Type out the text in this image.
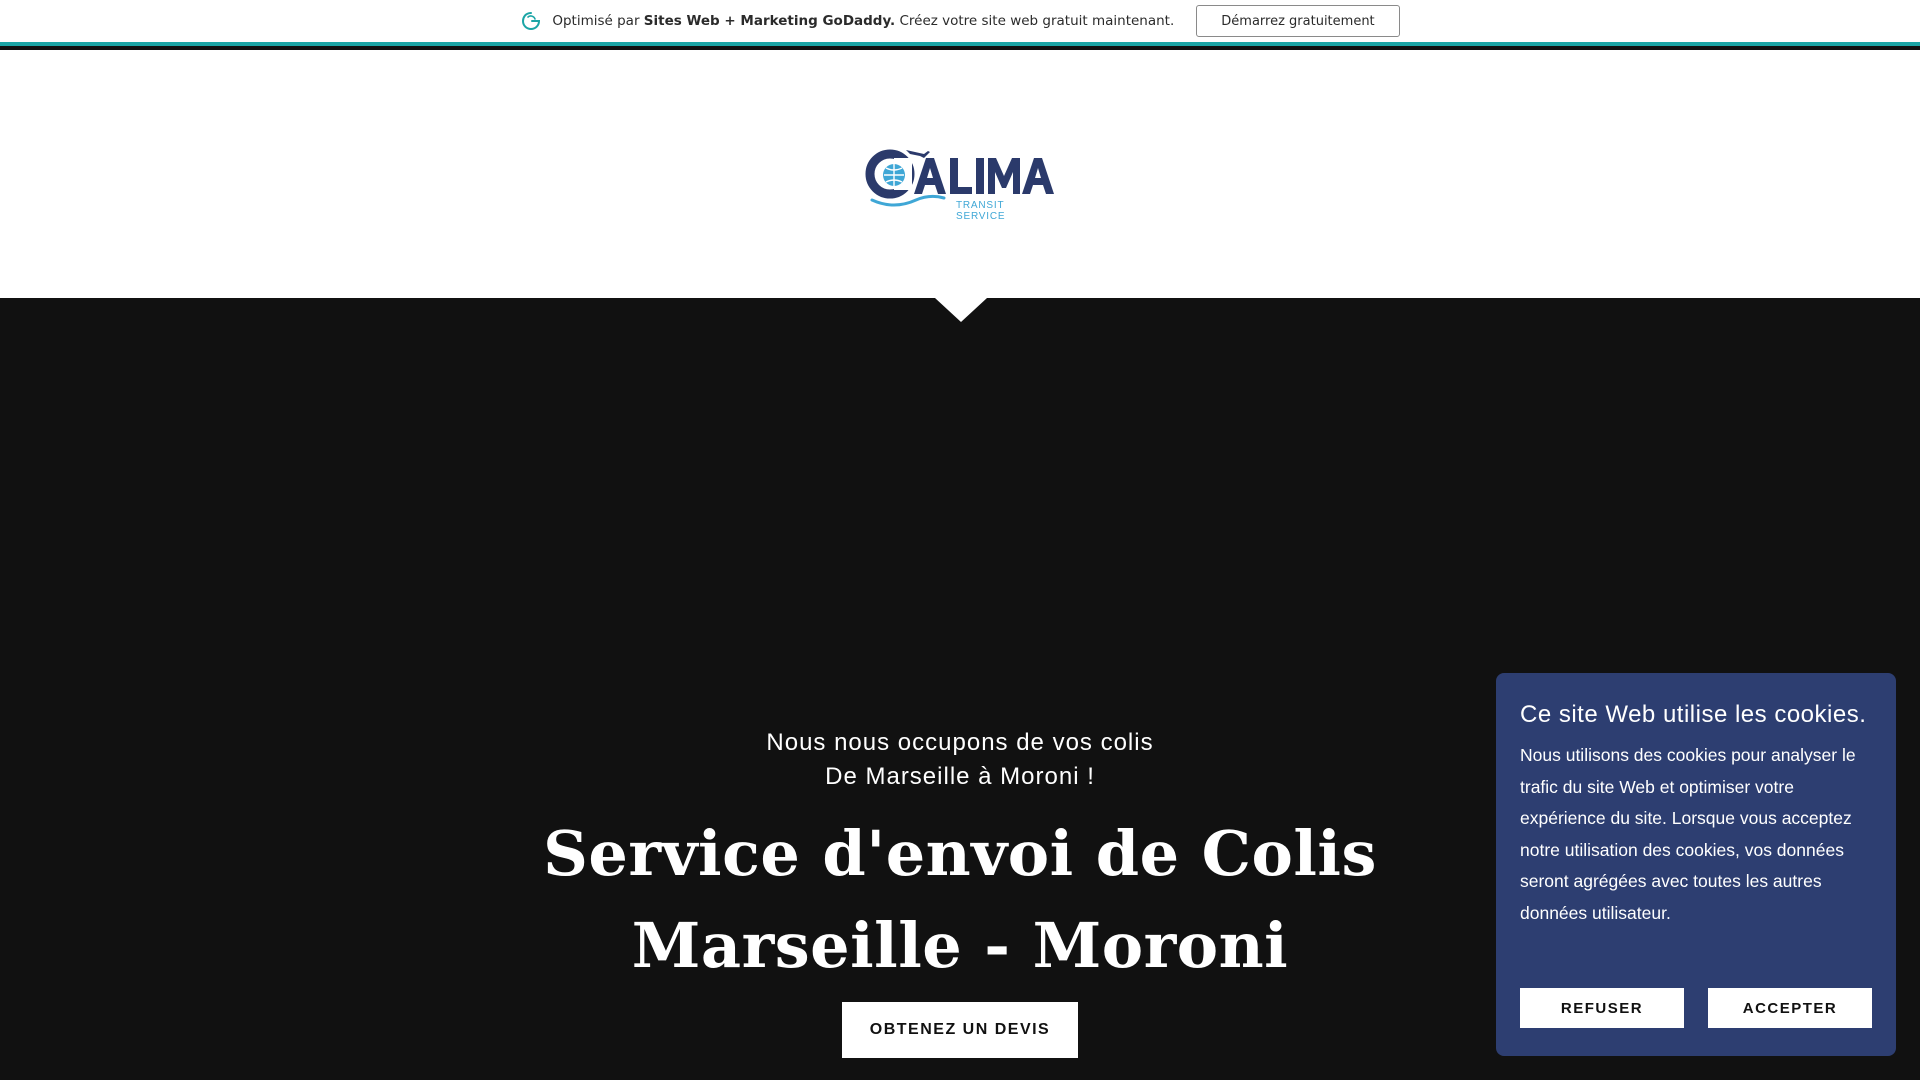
Optimisé par Sites Web + Marketing GoDaddy. Créez votre site web gratuit maintenant.	Démarrez gratuitement
TRANSIT SERVICE
Nous nous occupons de vos colis
De Marseille à Moroni !
Service d'envoi de Colis
Marseille - Moroni
OBTENEZ UN DEVIS
Ce site Web utilise les cookies.
Nous utilisons des cookies pour analyser le trafic du site Web et optimiser votre expérience du site. Lorsque vous acceptez notre utilisation des cookies, vos données seront agrégées avec toutes les autres données utilisateur.
REFUSER	ACCEPTER
